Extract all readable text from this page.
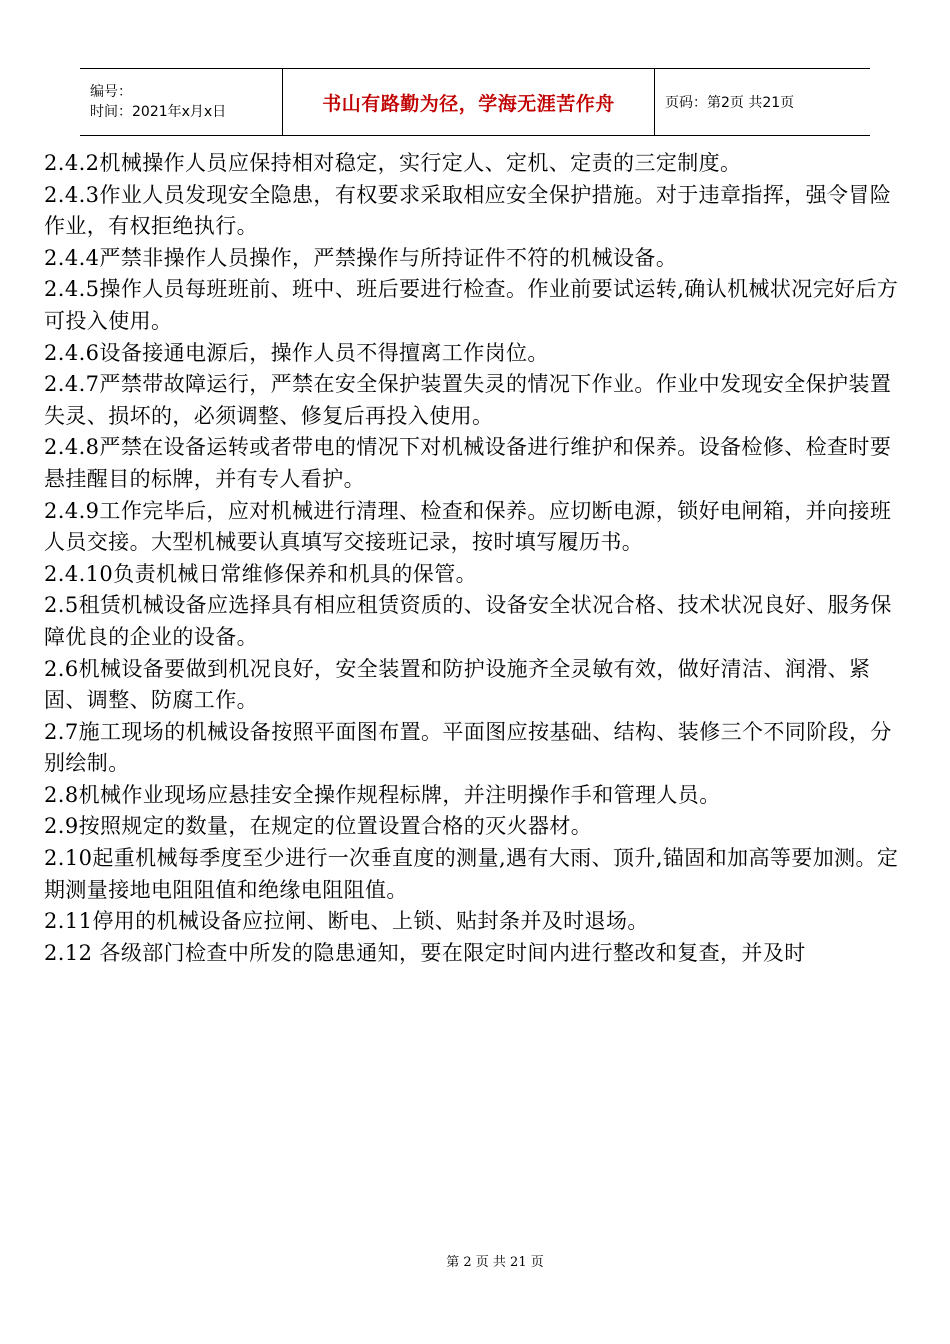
编号：
时间：2021年x月x日	书山有路勤为径，学海无涯苦作舟	页码：第2页 共21页

2.4.2机械操作人员应保持相对稳定，实行定人、定机、定责的三定制度。

2.4.3作业人员发现安全隐患，有权要求采取相应安全保护措施。对于违章指挥，强令冒险作业，有权拒绝执行。

2.4.4严禁非操作人员操作，严禁操作与所持证件不符的机械设备。

2.4.5操作人员每班班前、班中、班后要进行检查。作业前要试运转,确认机械状况完好后方可投入使用。

2.4.6设备接通电源后，操作人员不得擅离工作岗位。

2.4.7严禁带故障运行，严禁在安全保护装置失灵的情况下作业。作业中发现安全保护装置失灵、损坏的，必须调整、修复后再投入使用。

2.4.8严禁在设备运转或者带电的情况下对机械设备进行维护和保养。设备检修、检查时要悬挂醒目的标牌，并有专人看护。

2.4.9工作完毕后，应对机械进行清理、检查和保养。应切断电源，锁好电闸箱，并向接班人员交接。大型机械要认真填写交接班记录，按时填写履历书。

2.4.10负责机械日常维修保养和机具的保管。

2.5租赁机械设备应选择具有相应租赁资质的、设备安全状况合格、技术状况良好、服务保障优良的企业的设备。

2.6机械设备要做到机况良好，安全装置和防护设施齐全灵敏有效，做好清洁、润滑、紧固、调整、防腐工作。

2.7施工现场的机械设备按照平面图布置。平面图应按基础、结构、装修三个不同阶段，分别绘制。

2.8机械作业现场应悬挂安全操作规程标牌，并注明操作手和管理人员。

2.9按照规定的数量，在规定的位置设置合格的灭火器材。

2.10起重机械每季度至少进行一次垂直度的测量,遇有大雨、顶升,锚固和加高等要加测。定期测量接地电阻阻值和绝缘电阻阻值。

2.11停用的机械设备应拉闸、断电、上锁、贴封条并及时退场。

2.12 各级部门检查中所发的隐患通知，要在限定时间内进行整改和复查，并及时

第 2 页 共 21 页
